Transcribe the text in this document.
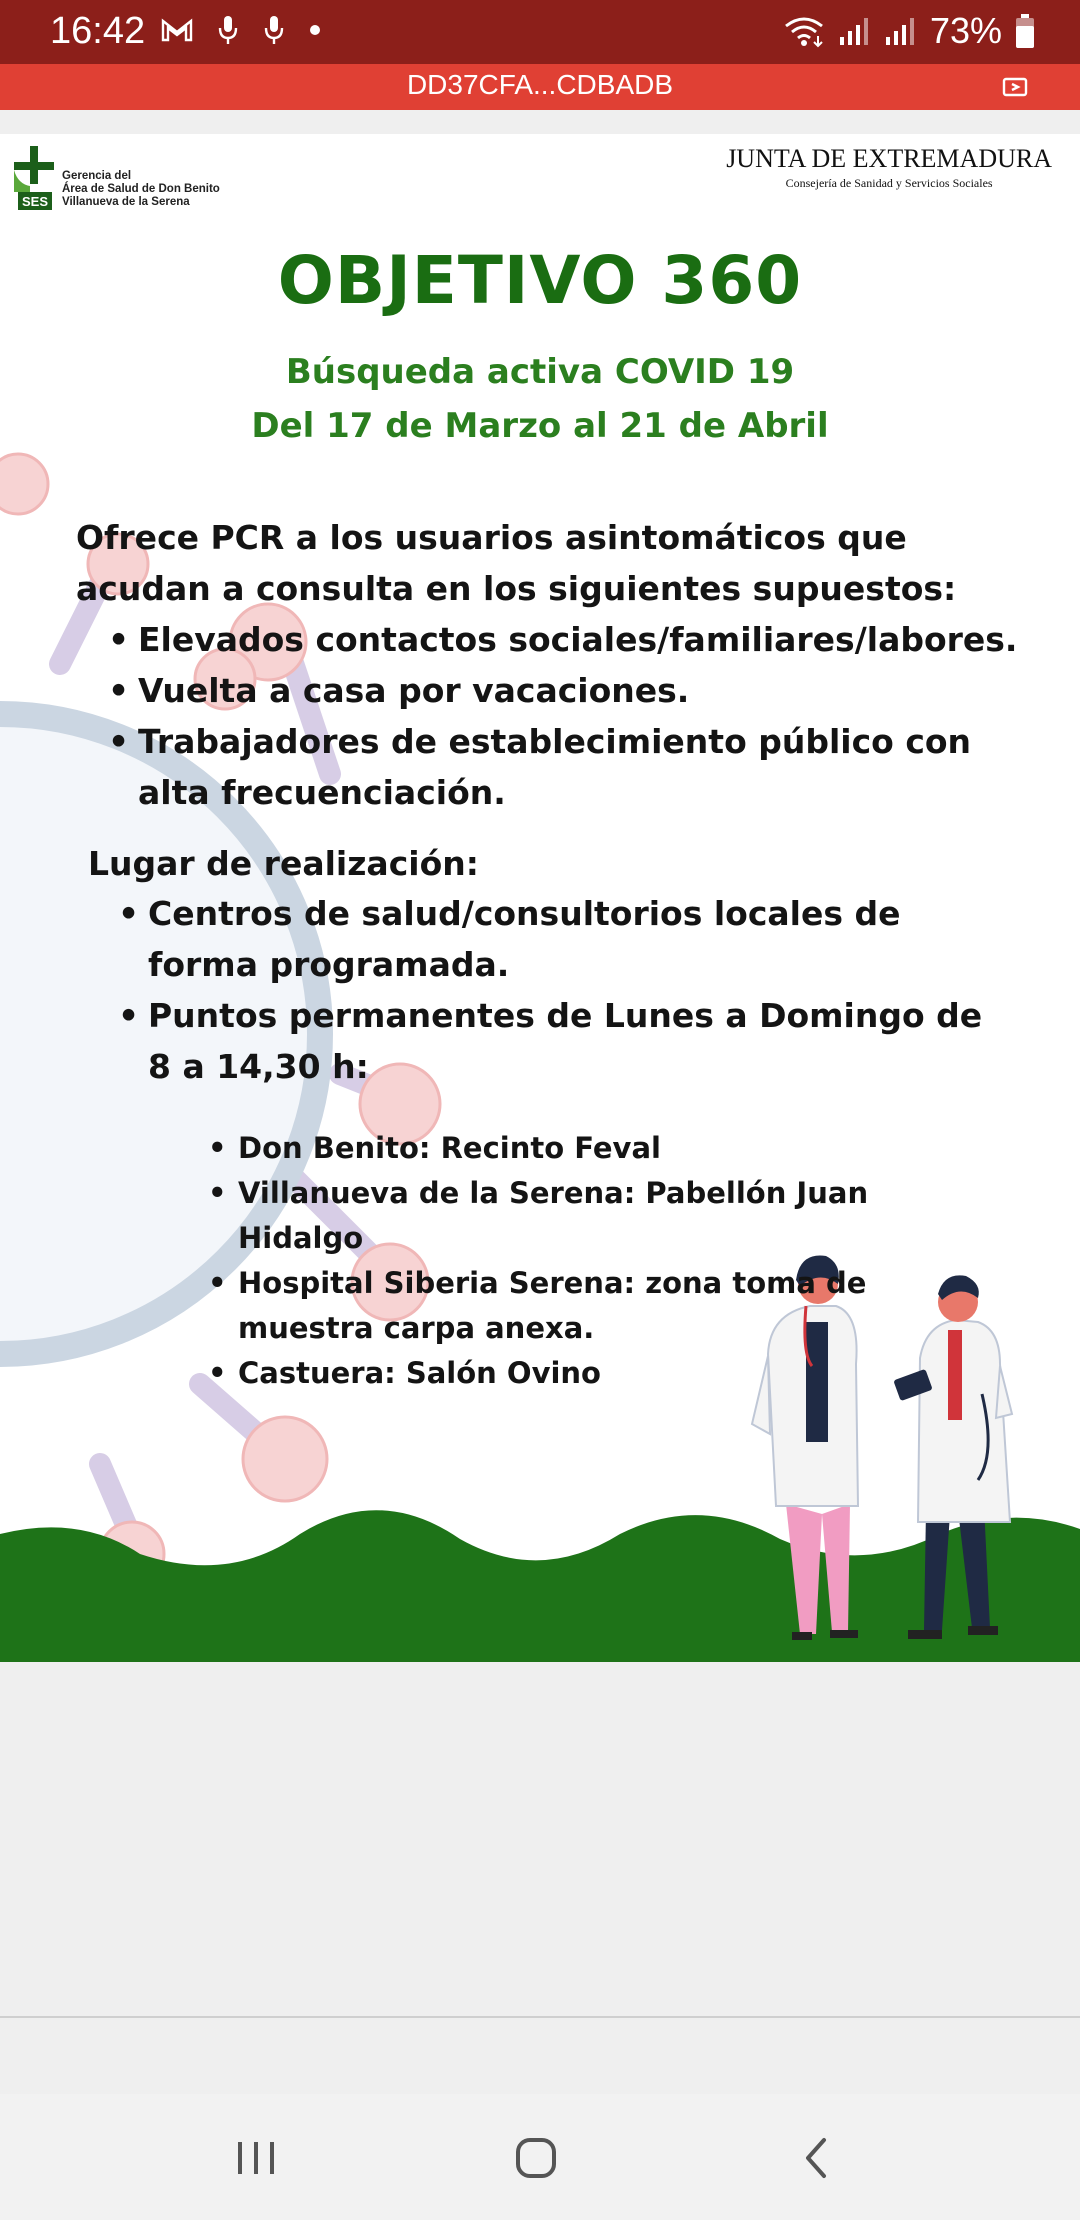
16:42	73%
DD37CFA...CDBADB
SES
Gerencia del
Área de Salud de Don Benito
Villanueva de la Serena
JUNTA DE EXTREMADURA
Consejería de Sanidad y Servicios Sociales
OBJETIVO 360
Búsqueda activa COVID 19
Del 17 de Marzo al 21 de Abril
Ofrece PCR a los usuarios asintomáticos que
acudan a consulta en los siguientes supuestos:
• Elevados contactos sociales/familiares/labores.
• Vuelta a casa por vacaciones.
• Trabajadores de establecimiento público con alta frecuenciación.
Lugar de realización:
• Centros de salud/consultorios locales de forma programada.
• Puntos permanentes de Lunes a Domingo de 8 a 14,30 h:
• Don Benito: Recinto Feval
• Villanueva de la Serena: Pabellón Juan Hidalgo
• Hospital Siberia Serena: zona toma de muestra carpa anexa.
• Castuera: Salón Ovino
